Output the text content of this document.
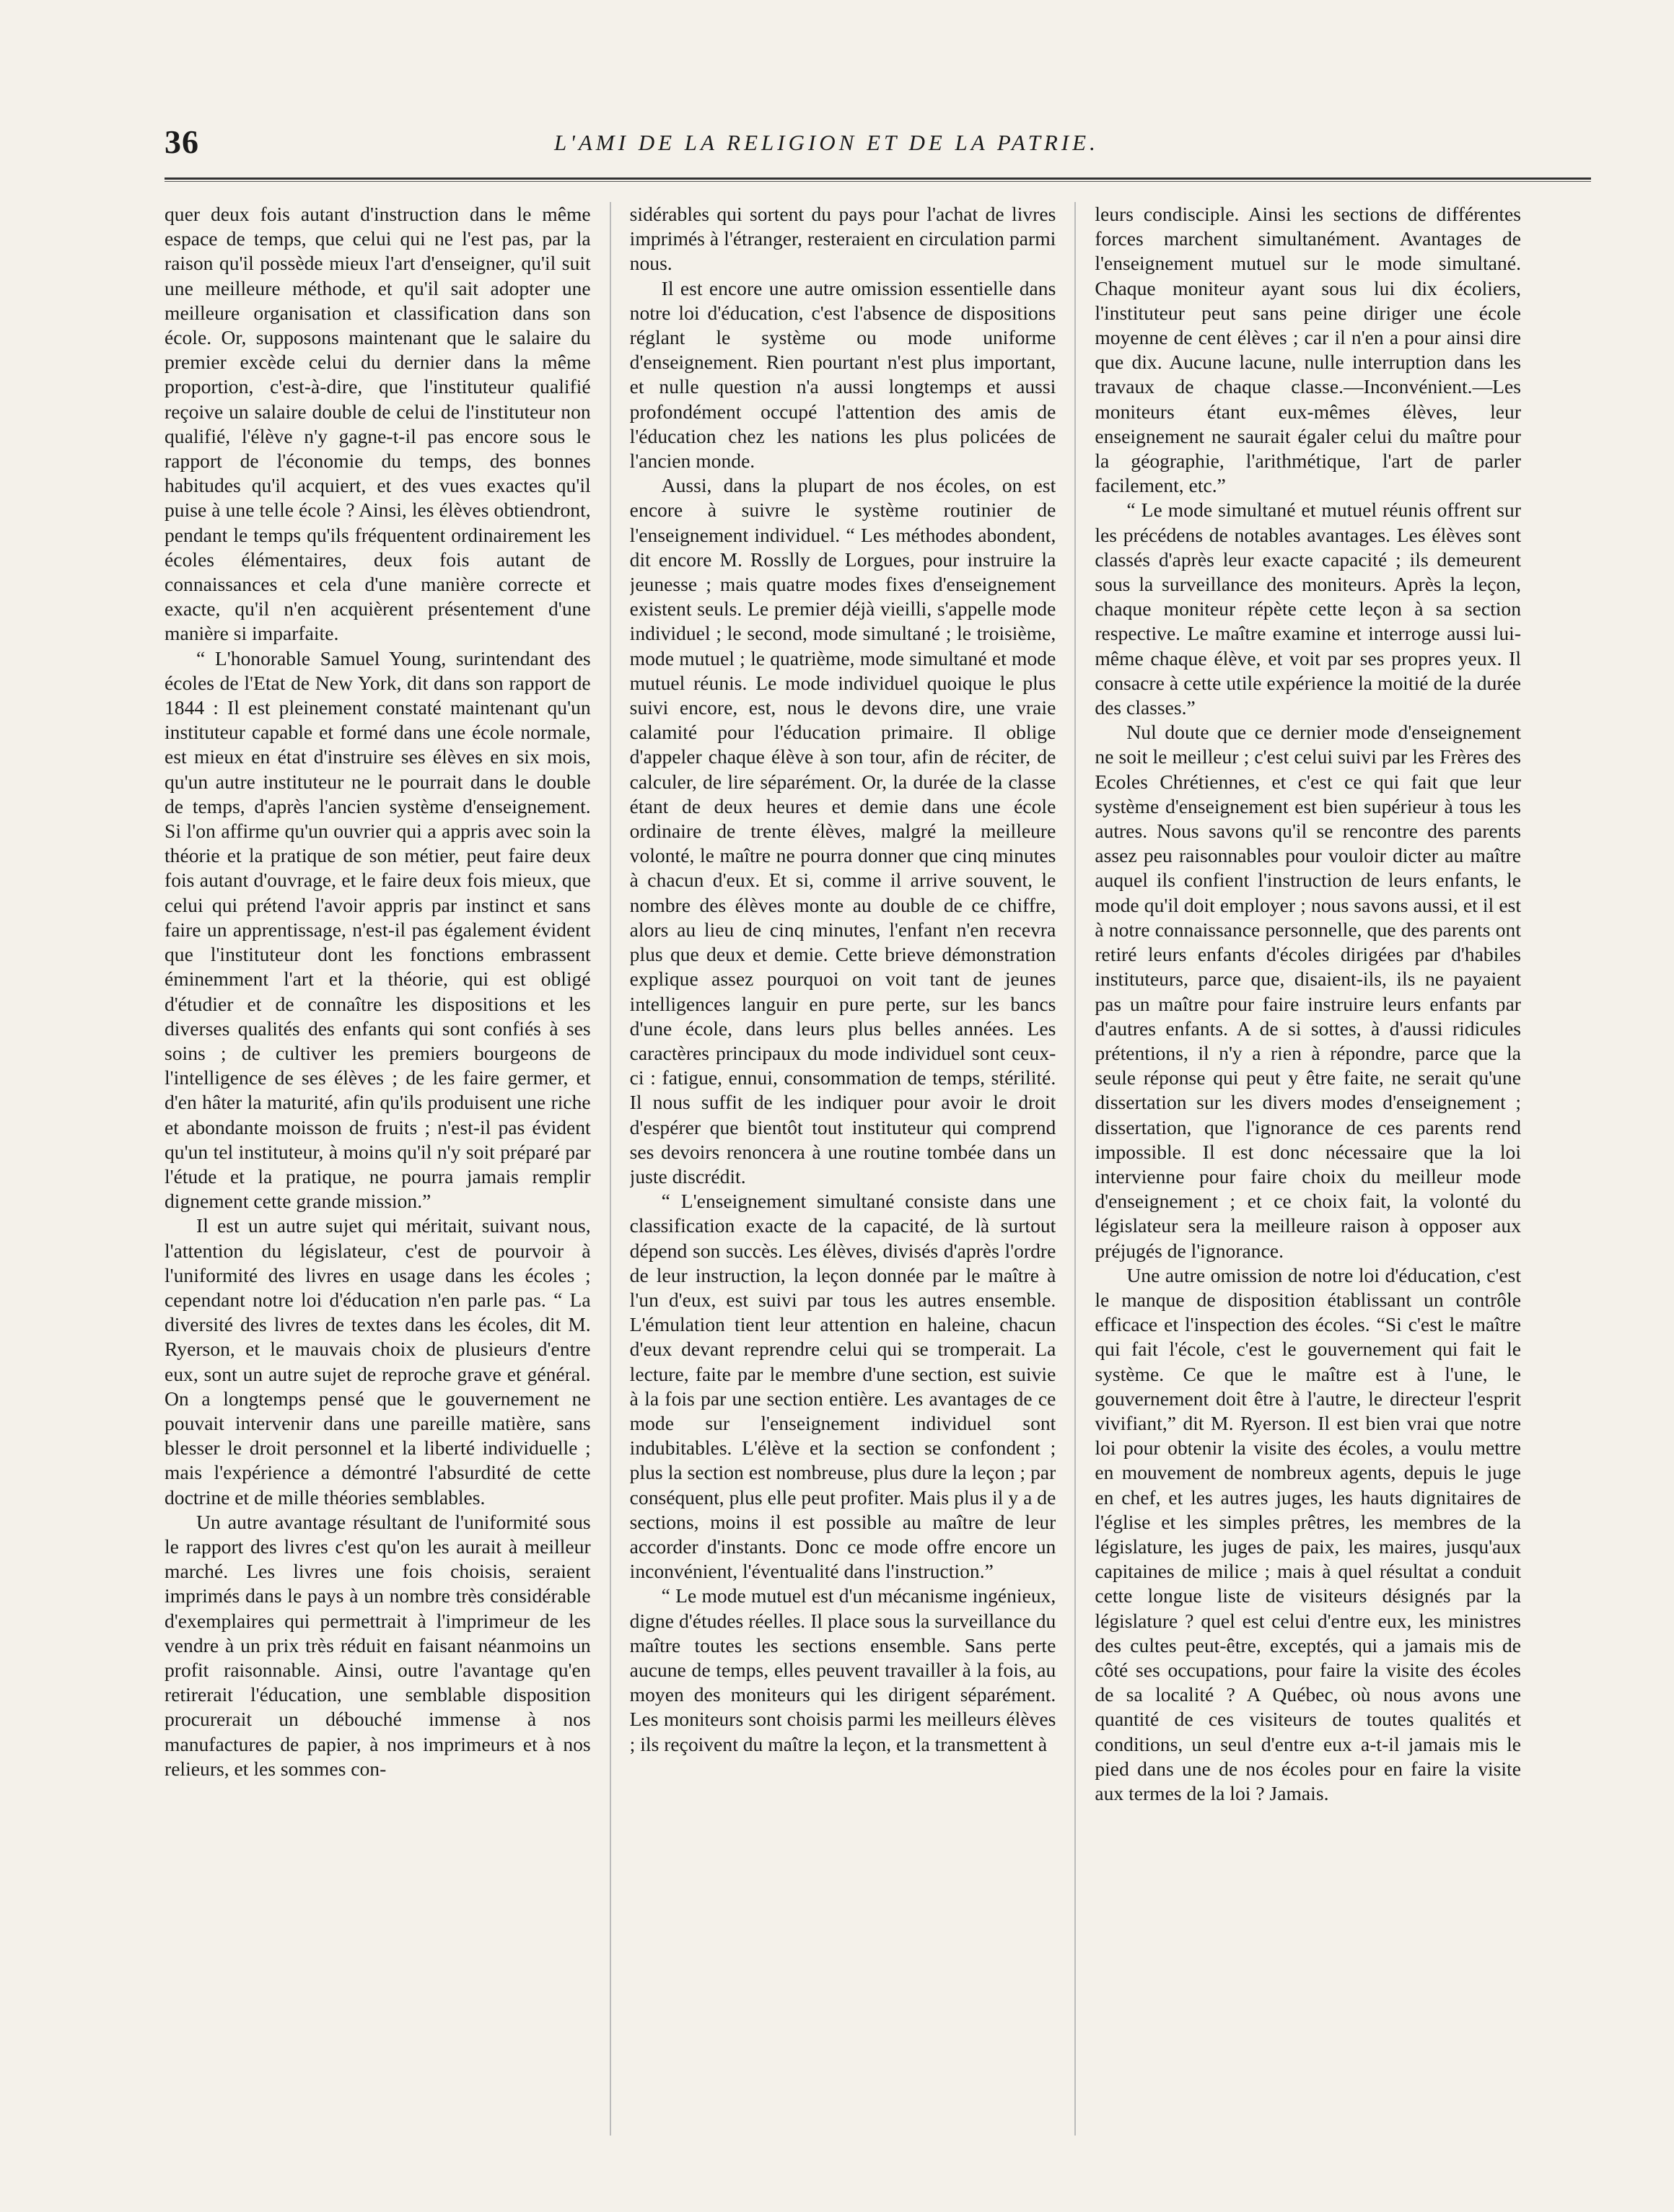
36	L'AMI DE LA RELIGION ET DE LA PATRIE.

quer deux fois autant d'instruction dans le même espace de temps, que celui qui ne l'est pas, par la raison qu'il possède mieux l'art d'enseigner, qu'il suit une meilleure méthode, et qu'il sait adopter une meilleure organisation et classification dans son école. Or, supposons maintenant que le salaire du premier excède celui du dernier dans la même proportion, c'est-à-dire, que l'instituteur qualifié reçoive un salaire double de celui de l'instituteur non qualifié, l'élève n'y gagne-t-il pas encore sous le rapport de l'économie du temps, des bonnes habitudes qu'il acquiert, et des vues exactes qu'il puise à une telle école ? Ainsi, les élèves obtiendront, pendant le temps qu'ils fréquentent ordinairement les écoles élémentaires, deux fois autant de connaissances et cela d'une manière correcte et exacte, qu'il n'en acquièrent présentement d'une manière si imparfaite.

“ L'honorable Samuel Young, surintendant des écoles de l'Etat de New York, dit dans son rapport de 1844 : Il est pleinement constaté maintenant qu'un instituteur capable et formé dans une école normale, est mieux en état d'instruire ses élèves en six mois, qu'un autre instituteur ne le pourrait dans le double de temps, d'après l'ancien système d'enseignement. Si l'on affirme qu'un ouvrier qui a appris avec soin la théorie et la pratique de son métier, peut faire deux fois autant d'ouvrage, et le faire deux fois mieux, que celui qui prétend l'avoir appris par instinct et sans faire un apprentissage, n'est-il pas également évident que l'instituteur dont les fonctions embrassent éminemment l'art et la théorie, qui est obligé d'étudier et de connaître les dispositions et les diverses qualités des enfants qui sont confiés à ses soins ; de cultiver les premiers bourgeons de l'intelligence de ses élèves ; de les faire germer, et d'en hâter la maturité, afin qu'ils produisent une riche et abondante moisson de fruits ; n'est-il pas évident qu'un tel instituteur, à moins qu'il n'y soit préparé par l'étude et la pratique, ne pourra jamais remplir dignement cette grande mission.”

Il est un autre sujet qui méritait, suivant nous, l'attention du législateur, c'est de pourvoir à l'uniformité des livres en usage dans les écoles ; cependant notre loi d'éducation n'en parle pas. “ La diversité des livres de textes dans les écoles, dit M. Ryerson, et le mauvais choix de plusieurs d'entre eux, sont un autre sujet de reproche grave et général. On a longtemps pensé que le gouvernement ne pouvait intervenir dans une pareille matière, sans blesser le droit personnel et la liberté individuelle ; mais l'expérience a démontré l'absurdité de cette doctrine et de mille théories semblables.

Un autre avantage résultant de l'uniformité sous le rapport des livres c'est qu'on les aurait à meilleur marché. Les livres une fois choisis, seraient imprimés dans le pays à un nombre très considérable d'exemplaires qui permettrait à l'imprimeur de les vendre à un prix très réduit en faisant néanmoins un profit raisonnable. Ainsi, outre l'avantage qu'en retirerait l'éducation, une semblable disposition procurerait un débouché immense à nos manufactures de papier, à nos imprimeurs et à nos relieurs, et les sommes con-

sidérables qui sortent du pays pour l'achat de livres imprimés à l'étranger, resteraient en circulation parmi nous.

Il est encore une autre omission essentielle dans notre loi d'éducation, c'est l'absence de dispositions réglant le système ou mode uniforme d'enseignement. Rien pourtant n'est plus important, et nulle question n'a aussi longtemps et aussi profondément occupé l'attention des amis de l'éducation chez les nations les plus policées de l'ancien monde.

Aussi, dans la plupart de nos écoles, on est encore à suivre le système routinier de l'enseignement individuel. “ Les méthodes abondent, dit encore M. Rosslly de Lorgues, pour instruire la jeunesse ; mais quatre modes fixes d'enseignement existent seuls. Le premier déjà vieilli, s'appelle mode individuel ; le second, mode simultané ; le troisième, mode mutuel ; le quatrième, mode simultané et mode mutuel réunis. Le mode individuel quoique le plus suivi encore, est, nous le devons dire, une vraie calamité pour l'éducation primaire. Il oblige d'appeler chaque élève à son tour, afin de réciter, de calculer, de lire séparément. Or, la durée de la classe étant de deux heures et demie dans une école ordinaire de trente élèves, malgré la meilleure volonté, le maître ne pourra donner que cinq minutes à chacun d'eux. Et si, comme il arrive souvent, le nombre des élèves monte au double de ce chiffre, alors au lieu de cinq minutes, l'enfant n'en recevra plus que deux et demie. Cette brieve démonstration explique assez pourquoi on voit tant de jeunes intelligences languir en pure perte, sur les bancs d'une école, dans leurs plus belles années. Les caractères principaux du mode individuel sont ceux-ci : fatigue, ennui, consommation de temps, stérilité. Il nous suffit de les indiquer pour avoir le droit d'espérer que bientôt tout instituteur qui comprend ses devoirs renoncera à une routine tombée dans un juste discrédit.

“ L'enseignement simultané consiste dans une classification exacte de la capacité, de là surtout dépend son succès. Les élèves, divisés d'après l'ordre de leur instruction, la leçon donnée par le maître à l'un d'eux, est suivi par tous les autres ensemble. L'émulation tient leur attention en haleine, chacun d'eux devant reprendre celui qui se tromperait. La lecture, faite par le membre d'une section, est suivie à la fois par une section entière. Les avantages de ce mode sur l'enseignement individuel sont indubitables. L'élève et la section se confondent ; plus la section est nombreuse, plus dure la leçon ; par conséquent, plus elle peut profiter. Mais plus il y a de sections, moins il est possible au maître de leur accorder d'instants. Donc ce mode offre encore un inconvénient, l'éventualité dans l'instruction.”

“ Le mode mutuel est d'un mécanisme ingénieux, digne d'études réelles. Il place sous la surveillance du maître toutes les sections ensemble. Sans perte aucune de temps, elles peuvent travailler à la fois, au moyen des moniteurs qui les dirigent séparément. Les moniteurs sont choisis parmi les meilleurs élèves ; ils reçoivent du maître la leçon, et la transmettent à

leurs condisciple. Ainsi les sections de différentes forces marchent simultanément. Avantages de l'enseignement mutuel sur le mode simultané. Chaque moniteur ayant sous lui dix écoliers, l'instituteur peut sans peine diriger une école moyenne de cent élèves ; car il n'en a pour ainsi dire que dix. Aucune lacune, nulle interruption dans les travaux de chaque classe.—Inconvénient.—Les moniteurs étant eux-mêmes élèves, leur enseignement ne saurait égaler celui du maître pour la géographie, l'arithmétique, l'art de parler facilement, etc.”

“ Le mode simultané et mutuel réunis offrent sur les précédens de notables avantages. Les élèves sont classés d'après leur exacte capacité ; ils demeurent sous la surveillance des moniteurs. Après la leçon, chaque moniteur répète cette leçon à sa section respective. Le maître examine et interroge aussi lui-même chaque élève, et voit par ses propres yeux. Il consacre à cette utile expérience la moitié de la durée des classes.”

Nul doute que ce dernier mode d'enseignement ne soit le meilleur ; c'est celui suivi par les Frères des Ecoles Chrétiennes, et c'est ce qui fait que leur système d'enseignement est bien supérieur à tous les autres. Nous savons qu'il se rencontre des parents assez peu raisonnables pour vouloir dicter au maître auquel ils confient l'instruction de leurs enfants, le mode qu'il doit employer ; nous savons aussi, et il est à notre connaissance personnelle, que des parents ont retiré leurs enfants d'écoles dirigées par d'habiles instituteurs, parce que, disaient-ils, ils ne payaient pas un maître pour faire instruire leurs enfants par d'autres enfants. A de si sottes, à d'aussi ridicules prétentions, il n'y a rien à répondre, parce que la seule réponse qui peut y être faite, ne serait qu'une dissertation sur les divers modes d'enseignement ; dissertation, que l'ignorance de ces parents rend impossible. Il est donc nécessaire que la loi intervienne pour faire choix du meilleur mode d'enseignement ; et ce choix fait, la volonté du législateur sera la meilleure raison à opposer aux préjugés de l'ignorance.

Une autre omission de notre loi d'éducation, c'est le manque de disposition établissant un contrôle efficace et l'inspection des écoles. “Si c'est le maître qui fait l'école, c'est le gouvernement qui fait le système. Ce que le maître est à l'une, le gouvernement doit être à l'autre, le directeur l'esprit vivifiant,” dit M. Ryerson. Il est bien vrai que notre loi pour obtenir la visite des écoles, a voulu mettre en mouvement de nombreux agents, depuis le juge en chef, et les autres juges, les hauts dignitaires de l'église et les simples prêtres, les membres de la législature, les juges de paix, les maires, jusqu'aux capitaines de milice ; mais à quel résultat a conduit cette longue liste de visiteurs désignés par la législature ? quel est celui d'entre eux, les ministres des cultes peut-être, exceptés, qui a jamais mis de côté ses occupations, pour faire la visite des écoles de sa localité ? A Québec, où nous avons une quantité de ces visiteurs de toutes qualités et conditions, un seul d'entre eux a-t-il jamais mis le pied dans une de nos écoles pour en faire la visite aux termes de la loi ? Jamais.
